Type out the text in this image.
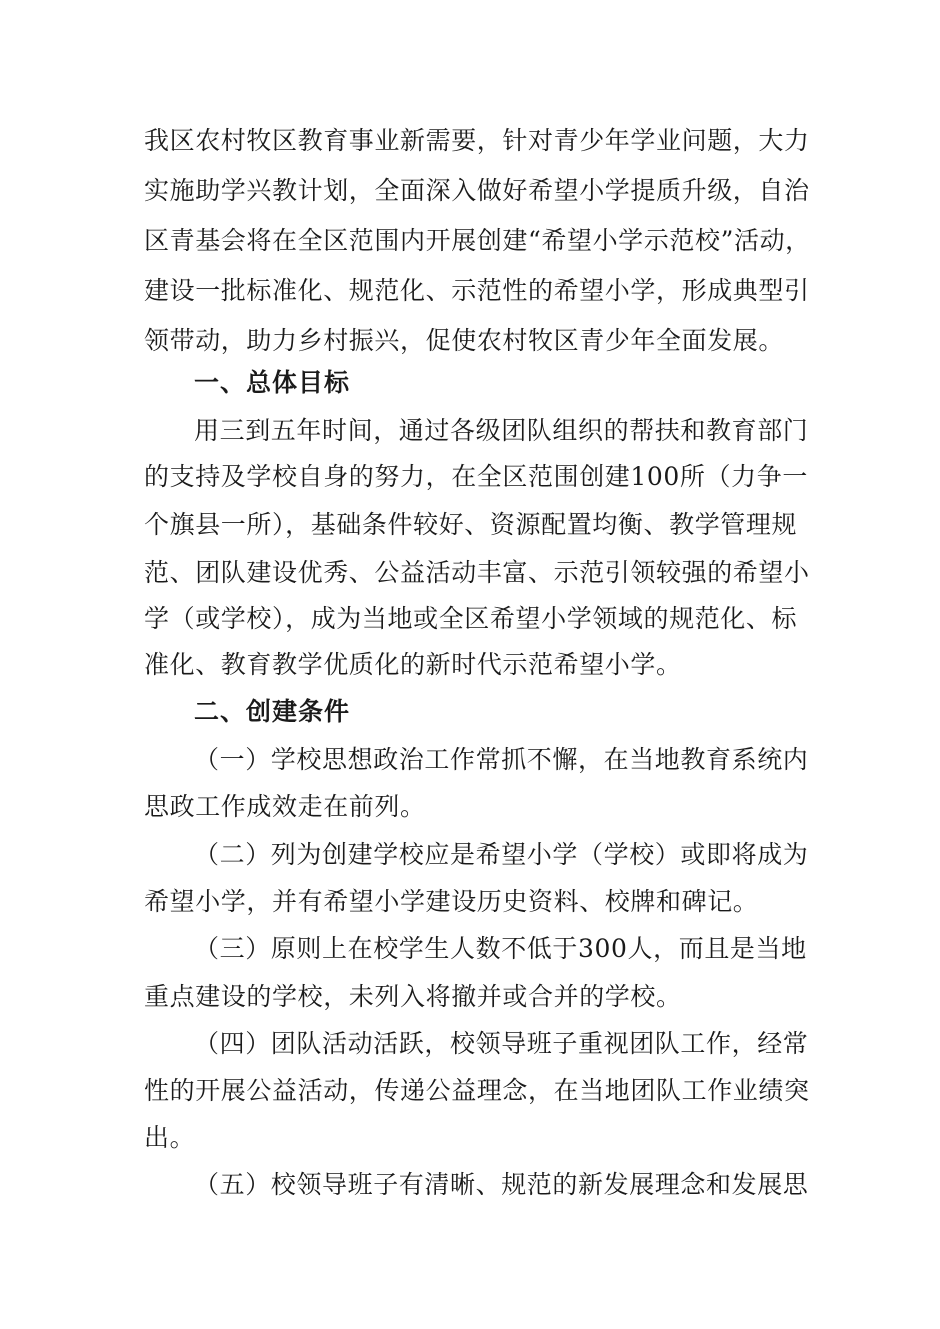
我区农村牧区教育事业新需要，针对青少年学业问题，大力
实施助学兴教计划，全面深入做好希望小学提质升级，自治
区青基会将在全区范围内开展创建“希望小学示范校”活动，
建设一批标准化、规范化、示范性的希望小学，形成典型引
领带动，助力乡村振兴，促使农村牧区青少年全面发展。
一、总体目标
用三到五年时间，通过各级团队组织的帮扶和教育部门
的支持及学校自身的努力，在全区范围创建100所（力争一
个旗县一所），基础条件较好、资源配置均衡、教学管理规
范、团队建设优秀、公益活动丰富、示范引领较强的希望小
学（或学校），成为当地或全区希望小学领域的规范化、标
准化、教育教学优质化的新时代示范希望小学。
二、创建条件
（一）学校思想政治工作常抓不懈，在当地教育系统内
思政工作成效走在前列。
（二）列为创建学校应是希望小学（学校）或即将成为
希望小学，并有希望小学建设历史资料、校牌和碑记。
（三）原则上在校学生人数不低于300人，而且是当地
重点建设的学校，未列入将撤并或合并的学校。
（四）团队活动活跃，校领导班子重视团队工作，经常
性的开展公益活动，传递公益理念，在当地团队工作业绩突
出。
（五）校领导班子有清晰、规范的新发展理念和发展思
